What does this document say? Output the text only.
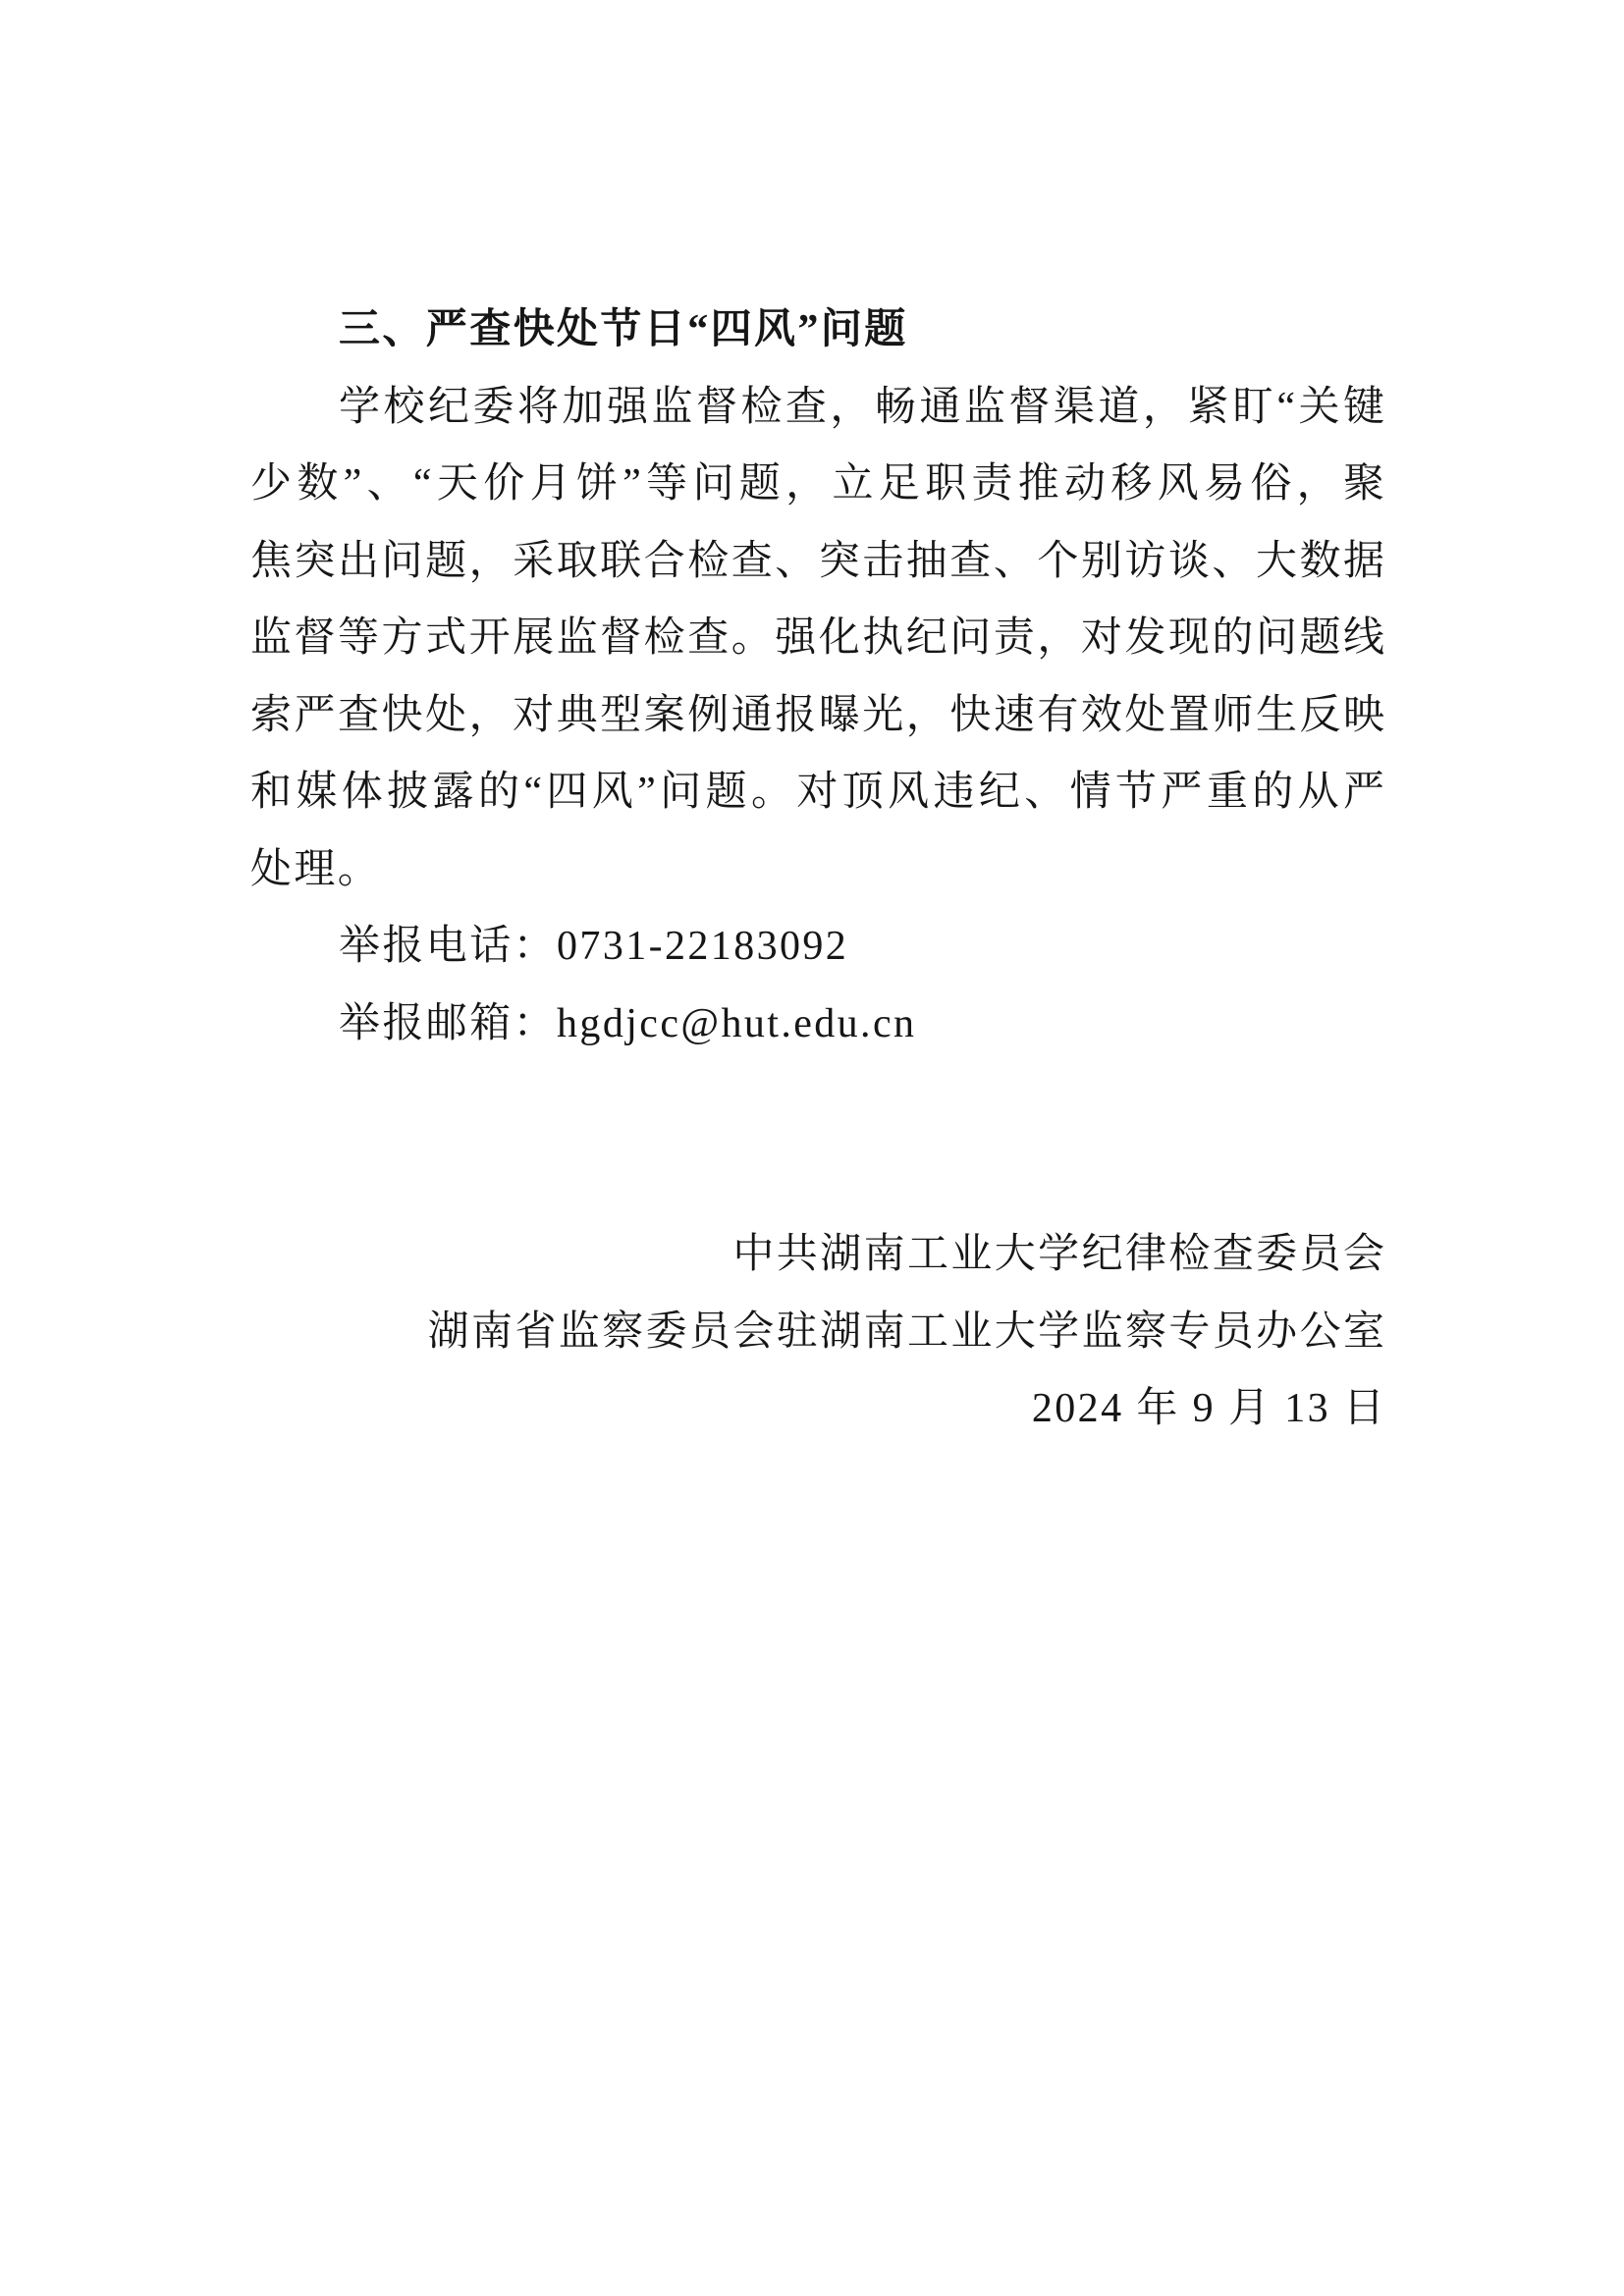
三、严查快处节日“四风”问题
学校纪委将加强监督检查，畅通监督渠道，紧盯“关键
少数”、“天价月饼”等问题，立足职责推动移风易俗，聚
焦突出问题，采取联合检查、突击抽查、个别访谈、大数据
监督等方式开展监督检查。强化执纪问责，对发现的问题线
索严查快处，对典型案例通报曝光，快速有效处置师生反映
和媒体披露的“四风”问题。对顶风违纪、情节严重的从严
处理。
举报电话：0731-22183092
举报邮箱：hgdjcc@hut.edu.cn
中共湖南工业大学纪律检查委员会
湖南省监察委员会驻湖南工业大学监察专员办公室
2024 年 9 月 13 日
